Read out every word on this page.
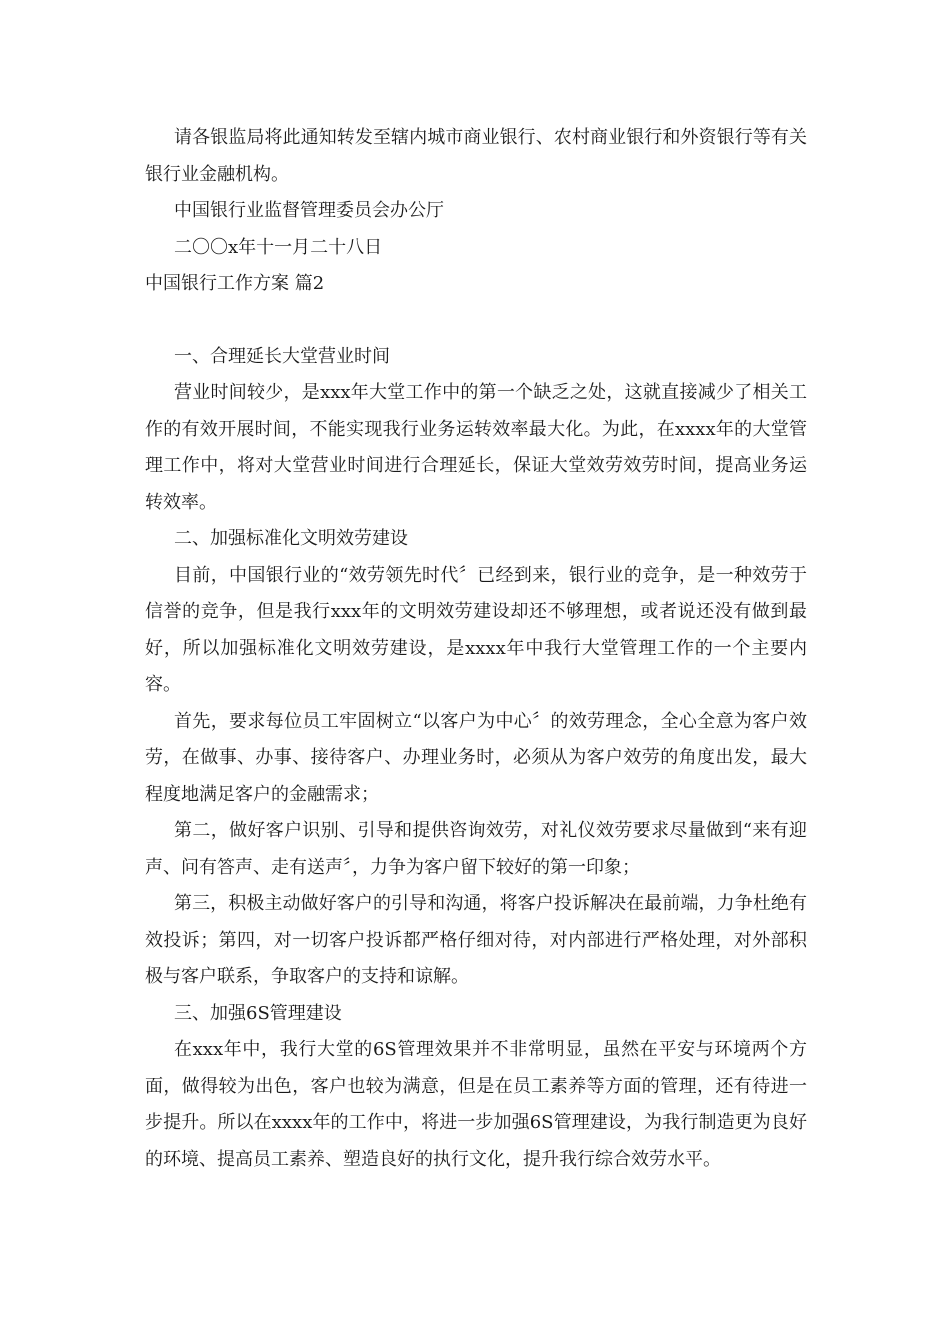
请各银监局将此通知转发至辖内城市商业银行、农村商业银行和外资银行等有关银行业金融机构。

中国银行业监督管理委员会办公厅

二〇〇x年十一月二十八日

中国银行工作方案 篇2

一、合理延长大堂营业时间

营业时间较少，是xxx年大堂工作中的第一个缺乏之处，这就直接减少了相关工作的有效开展时间，不能实现我行业务运转效率最大化。为此，在xxxx年的大堂管理工作中，将对大堂营业时间进行合理延长，保证大堂效劳效劳时间，提高业务运转效率。

二、加强标准化文明效劳建设

目前，中国银行业的“效劳领先时代〞已经到来，银行业的竞争，是一种效劳于信誉的竞争，但是我行xxx年的文明效劳建设却还不够理想，或者说还没有做到最好，所以加强标准化文明效劳建设，是xxxx年中我行大堂管理工作的一个主要内容。

首先，要求每位员工牢固树立“以客户为中心〞的效劳理念，全心全意为客户效劳，在做事、办事、接待客户、办理业务时，必须从为客户效劳的角度出发，最大程度地满足客户的金融需求；

第二，做好客户识别、引导和提供咨询效劳，对礼仪效劳要求尽量做到“来有迎声、问有答声、走有送声〞，力争为客户留下较好的第一印象；

第三，积极主动做好客户的引导和沟通，将客户投诉解决在最前端，力争杜绝有效投诉；第四，对一切客户投诉都严格仔细对待，对内部进行严格处理，对外部积极与客户联系，争取客户的支持和谅解。

三、加强6S管理建设

在xxx年中，我行大堂的6S管理效果并不非常明显，虽然在平安与环境两个方面，做得较为出色，客户也较为满意，但是在员工素养等方面的管理，还有待进一步提升。所以在xxxx年的工作中，将进一步加强6S管理建设，为我行制造更为良好的环境、提高员工素养、塑造良好的执行文化，提升我行综合效劳水平。
